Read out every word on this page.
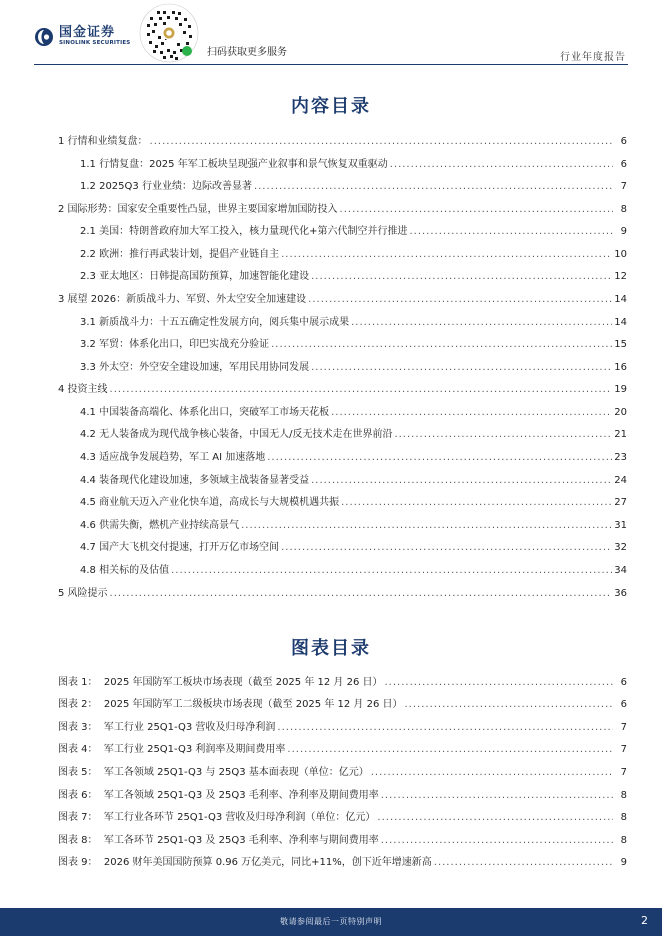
国金证券
SINOLINK SECURITIES
扫码获取更多服务	行业年度报告
内容目录
1 行情和业绩复盘： .....	6
1.1 行情复盘：2025 年军工板块呈现强产业叙事和景气恢复双重驱动 .....	6
1.2 2025Q3 行业业绩：边际改善显著 .....	7
2 国际形势：国家安全重要性凸显，世界主要国家增加国防投入 .....	8
2.1 美国：特朗普政府加大军工投入，核力量现代化+第六代制空并行推进 .....	9
2.2 欧洲：推行再武装计划，提倡产业链自主 .....	10
2.3 亚太地区：日韩提高国防预算，加速智能化建设 .....	12
3 展望 2026：新质战斗力、军贸、外太空安全加速建设 .....	14
3.1 新质战斗力：十五五确定性发展方向，阅兵集中展示成果 .....	14
3.2 军贸：体系化出口，印巴实战充分验证 .....	15
3.3 外太空：外空安全建设加速，军用民用协同发展 .....	16
4 投资主线 .....	19
4.1 中国装备高端化、体系化出口，突破军工市场天花板 .....	20
4.2 无人装备成为现代战争核心装备，中国无人/反无技术走在世界前沿 .....	21
4.3 适应战争发展趋势，军工 AI 加速落地 .....	23
4.4 装备现代化建设加速，多领域主战装备显著受益 .....	24
4.5 商业航天迈入产业化快车道，高成长与大规模机遇共振 .....	27
4.6 供需失衡，燃机产业持续高景气 .....	31
4.7 国产大飞机交付提速，打开万亿市场空间 .....	32
4.8 相关标的及估值 .....	34
5 风险提示 .....	36
图表目录
图表 1：  2025 年国防军工板块市场表现（截至 2025 年 12 月 26 日） .....	6
图表 2：  2025 年国防军工二级板块市场表现（截至 2025 年 12 月 26 日） .....	6
图表 3：  军工行业 25Q1-Q3 营收及归母净利润 .....	7
图表 4：  军工行业 25Q1-Q3 利润率及期间费用率 .....	7
图表 5：  军工各领域 25Q1-Q3 与 25Q3 基本面表现（单位：亿元） .....	7
图表 6：  军工各领域 25Q1-Q3 及 25Q3 毛利率、净利率及期间费用率 .....	8
图表 7：  军工行业各环节 25Q1-Q3 营收及归母净利润（单位：亿元） .....	8
图表 8：  军工各环节 25Q1-Q3 及 25Q3 毛利率、净利率与期间费用率 .....	8
图表 9：  2026 财年美国国防预算 0.96 万亿美元，同比+11%，创下近年增速新高 .....	9
敬请参阅最后一页特别声明	2
